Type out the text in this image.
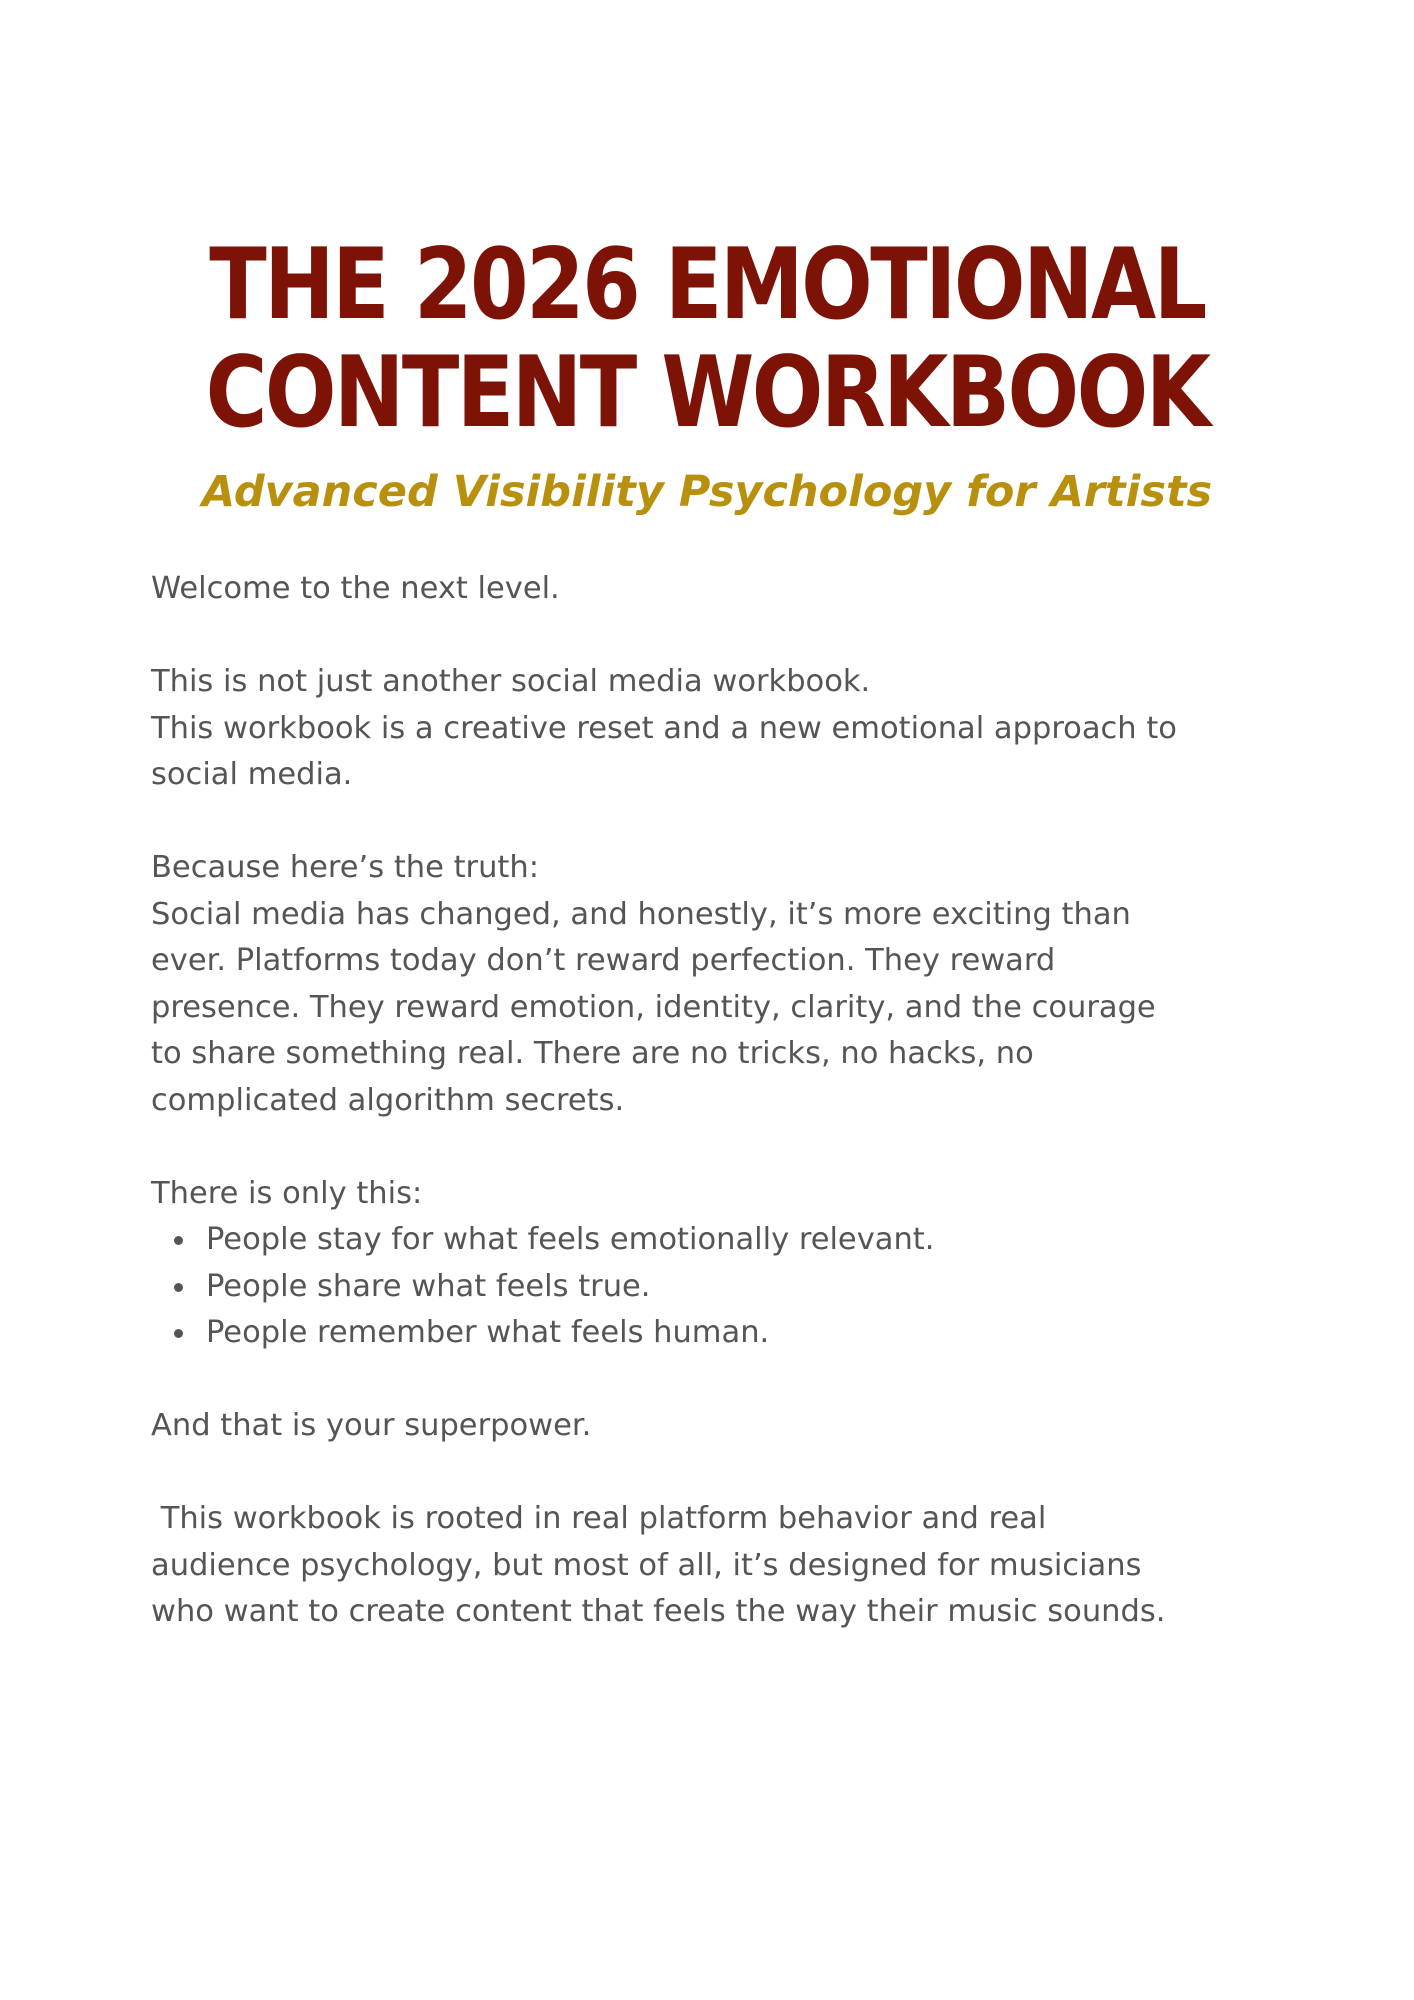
THE 2026 EMOTIONAL
CONTENT WORKBOOK
Advanced Visibility Psychology for Artists

Welcome to the next level.

This is not just another social media workbook.

This workbook is a creative reset and a new emotional approach to

social media.

Because here’s the truth:

Social media has changed, and honestly, it’s more exciting than

ever. Platforms today don’t reward perfection. They reward

presence. They reward emotion, identity, clarity, and the courage

to share something real. There are no tricks, no hacks, no

complicated algorithm secrets.

There is only this:

People stay for what feels emotionally relevant.
People share what feels true.
People remember what feels human.

And that is your superpower.

This workbook is rooted in real platform behavior and real

audience psychology, but most of all, it’s designed for musicians

who want to create content that feels the way their music sounds.
